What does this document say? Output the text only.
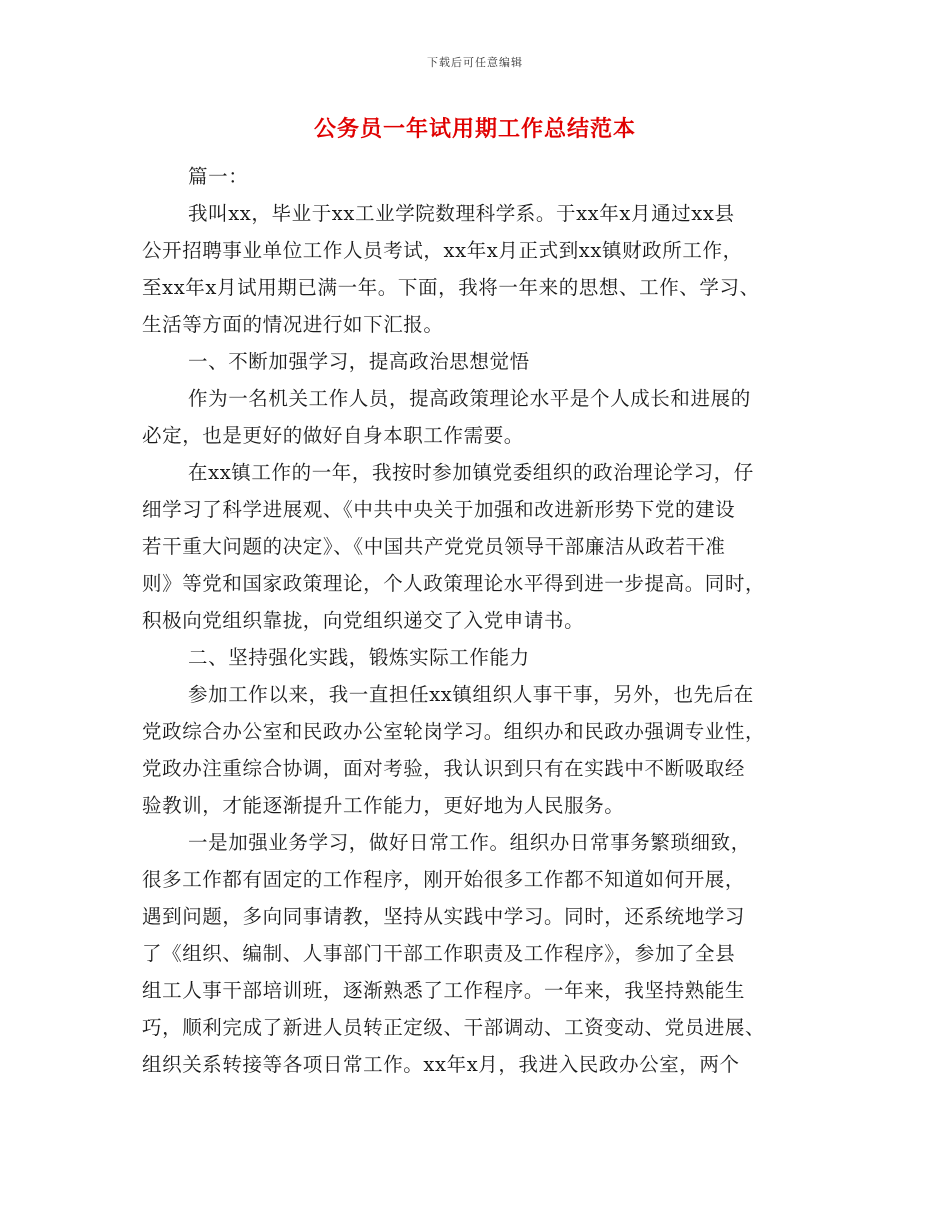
下载后可任意编辑
公务员一年试用期工作总结范本
篇一：
我叫xx，毕业于xx工业学院数理科学系。于xx年x月通过xx县
公开招聘事业单位工作人员考试，xx年x月正式到xx镇财政所工作，
至xx年x月试用期已满一年。下面，我将一年来的思想、工作、学习、
生活等方面的情况进行如下汇报。
一、不断加强学习，提高政治思想觉悟
作为一名机关工作人员，提高政策理论水平是个人成长和进展的
必定，也是更好的做好自身本职工作需要。
在xx镇工作的一年，我按时参加镇党委组织的政治理论学习，仔
细学习了科学进展观、《中共中央关于加强和改进新形势下党的建设
若干重大问题的决定》、《中国共产党党员领导干部廉洁从政若干准
则》等党和国家政策理论，个人政策理论水平得到进一步提高。同时，
积极向党组织靠拢，向党组织递交了入党申请书。
二、坚持强化实践，锻炼实际工作能力
参加工作以来，我一直担任xx镇组织人事干事，另外，也先后在
党政综合办公室和民政办公室轮岗学习。组织办和民政办强调专业性，
党政办注重综合协调，面对考验，我认识到只有在实践中不断吸取经
验教训，才能逐渐提升工作能力，更好地为人民服务。
一是加强业务学习，做好日常工作。组织办日常事务繁琐细致，
很多工作都有固定的工作程序，刚开始很多工作都不知道如何开展，
遇到问题，多向同事请教，坚持从实践中学习。同时，还系统地学习
了《组织、编制、人事部门干部工作职责及工作程序》，参加了全县
组工人事干部培训班，逐渐熟悉了工作程序。一年来，我坚持熟能生
巧，顺利完成了新进人员转正定级、干部调动、工资变动、党员进展、
组织关系转接等各项日常工作。xx年x月，我进入民政办公室，两个
